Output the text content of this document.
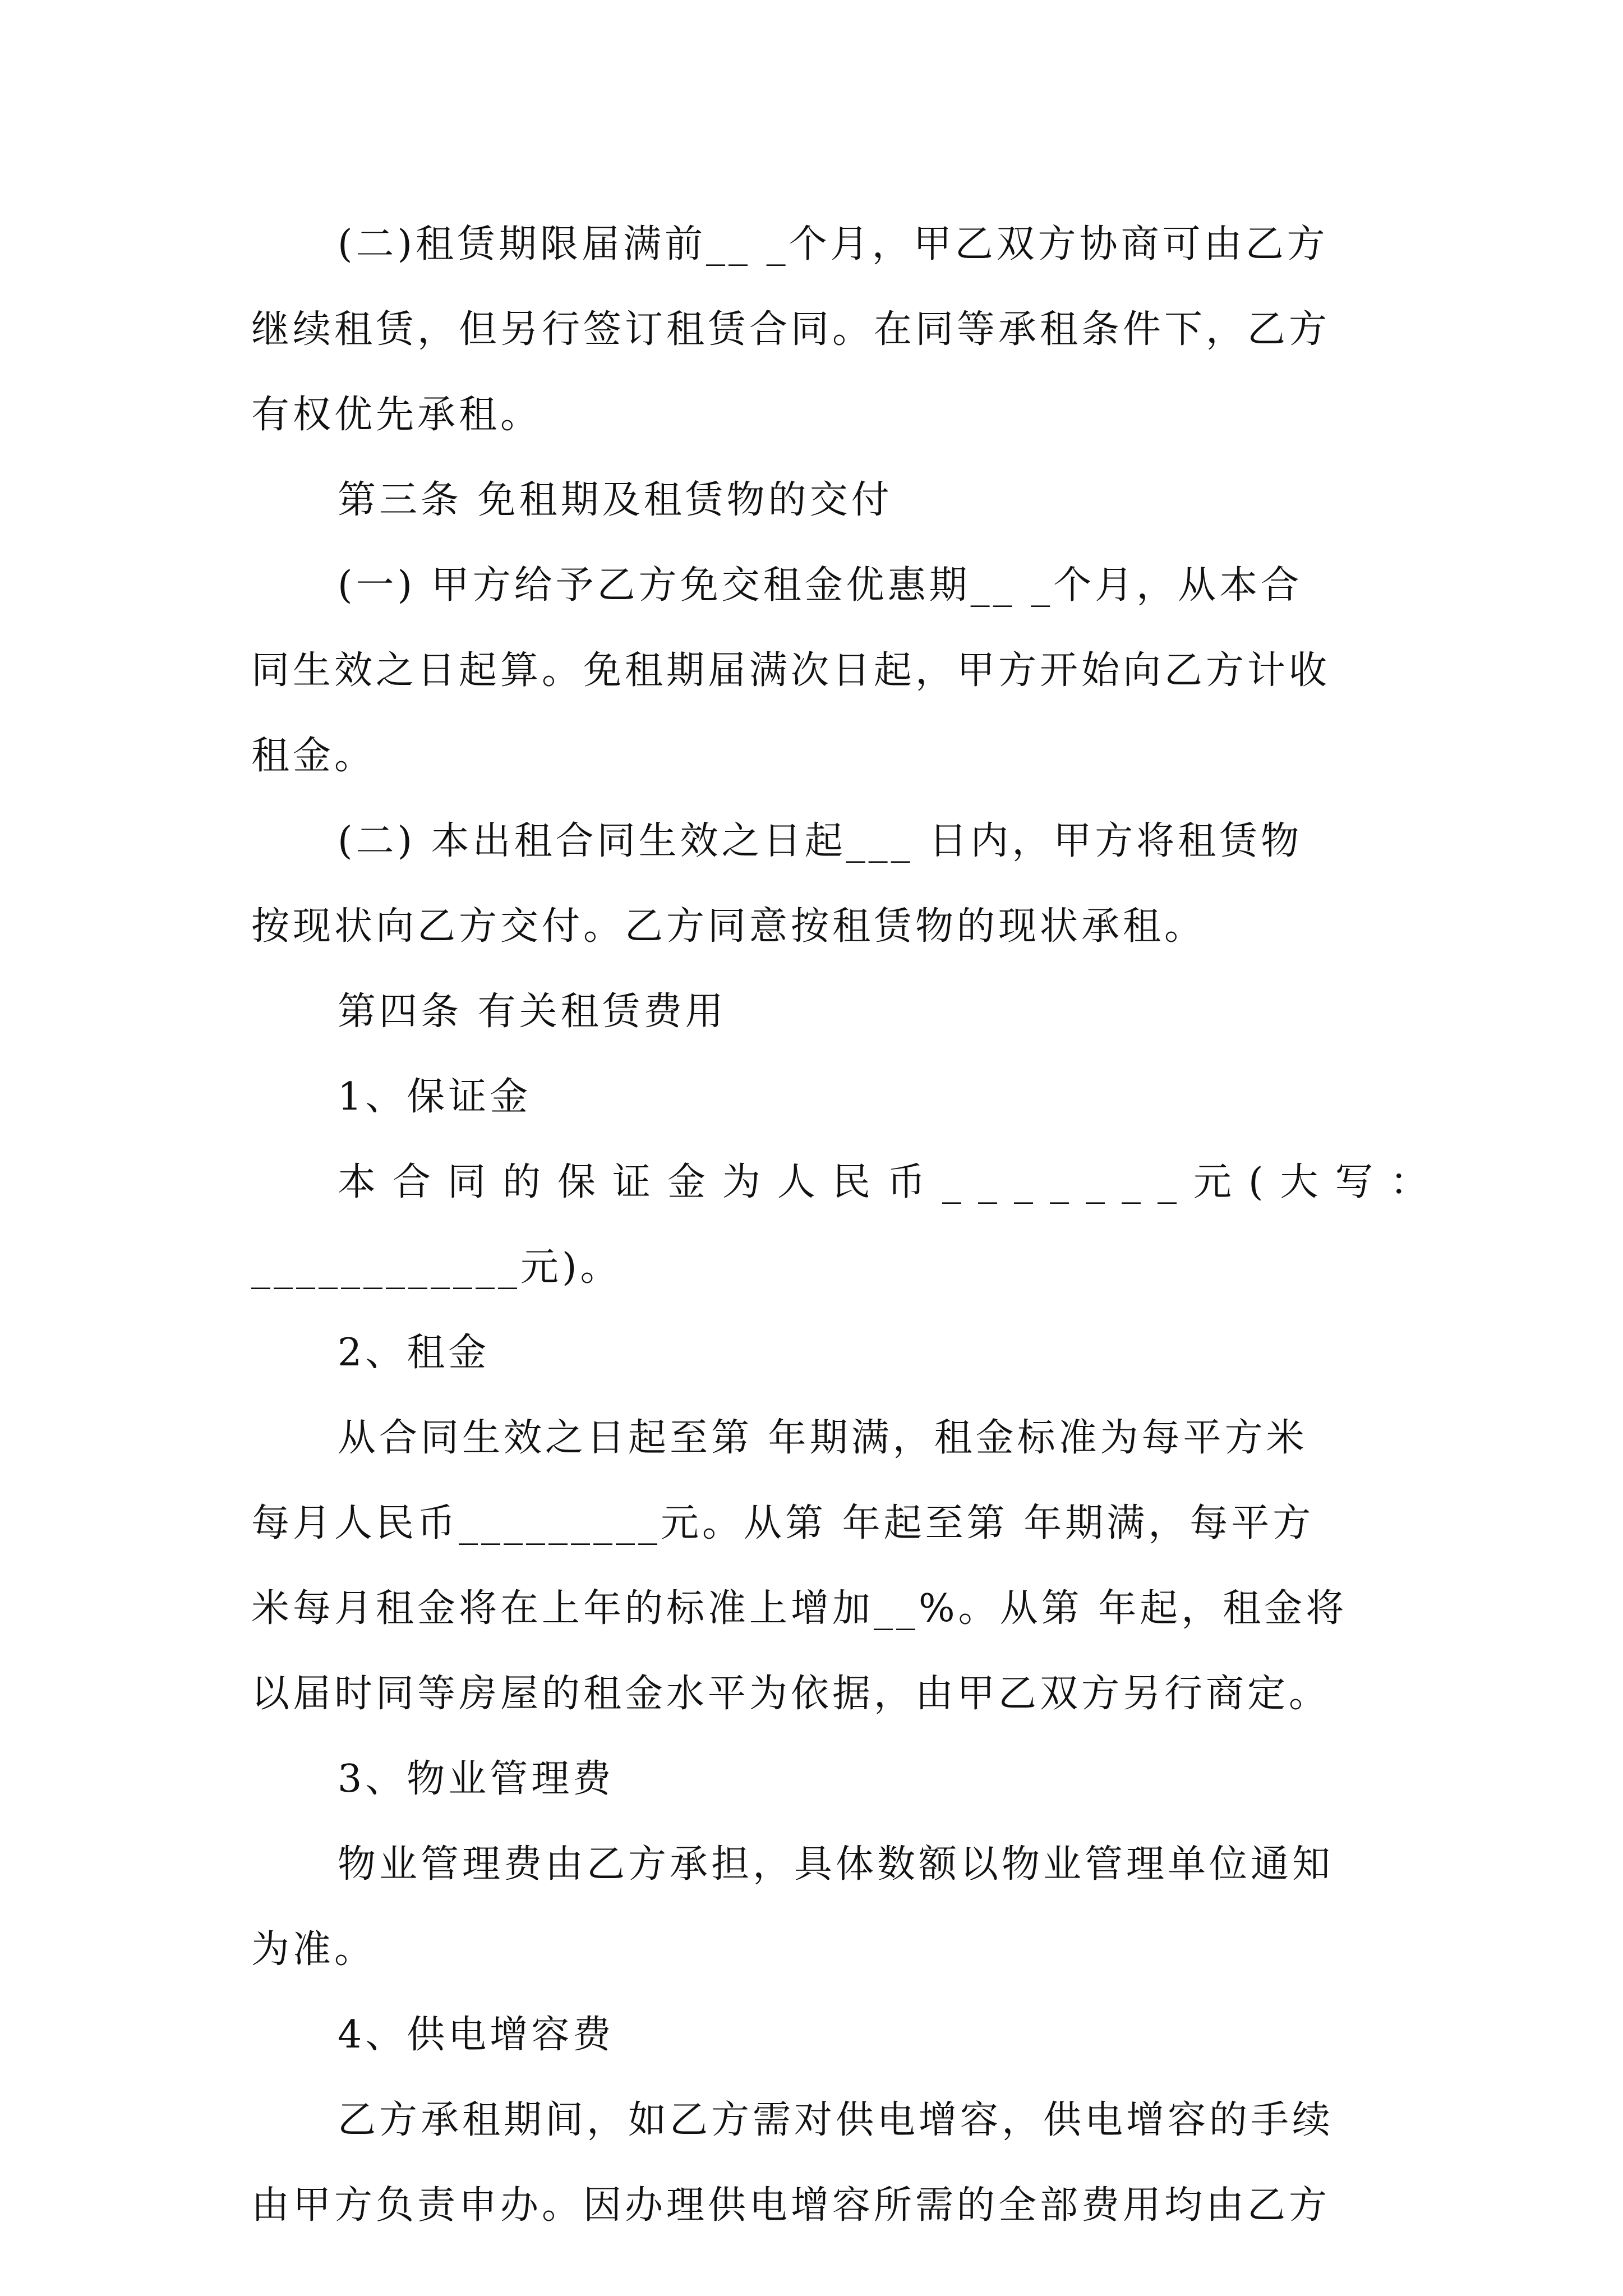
(二)租赁期限届满前__ _个月，甲乙双方协商可由乙方
继续租赁，但另行签订租赁合同。在同等承租条件下，乙方
有权优先承租。
第三条 免租期及租赁物的交付
(一) 甲方给予乙方免交租金优惠期__ _个月，从本合
同生效之日起算。免租期届满次日起，甲方开始向乙方计收
租金。
(二) 本出租合同生效之日起___ 日内，甲方将租赁物
按现状向乙方交付。乙方同意按租赁物的现状承租。
第四条 有关租赁费用
1、保证金
本合同的保证金为人民币_______元(大写：
____________元)。
2、租金
从合同生效之日起至第 年期满，租金标准为每平方米
每月人民币_________元。从第 年起至第 年期满，每平方
米每月租金将在上年的标准上增加__%。从第 年起，租金将
以届时同等房屋的租金水平为依据，由甲乙双方另行商定。
3、物业管理费
物业管理费由乙方承担，具体数额以物业管理单位通知
为准。
4、供电增容费
乙方承租期间，如乙方需对供电增容，供电增容的手续
由甲方负责申办。因办理供电增容所需的全部费用均由乙方
